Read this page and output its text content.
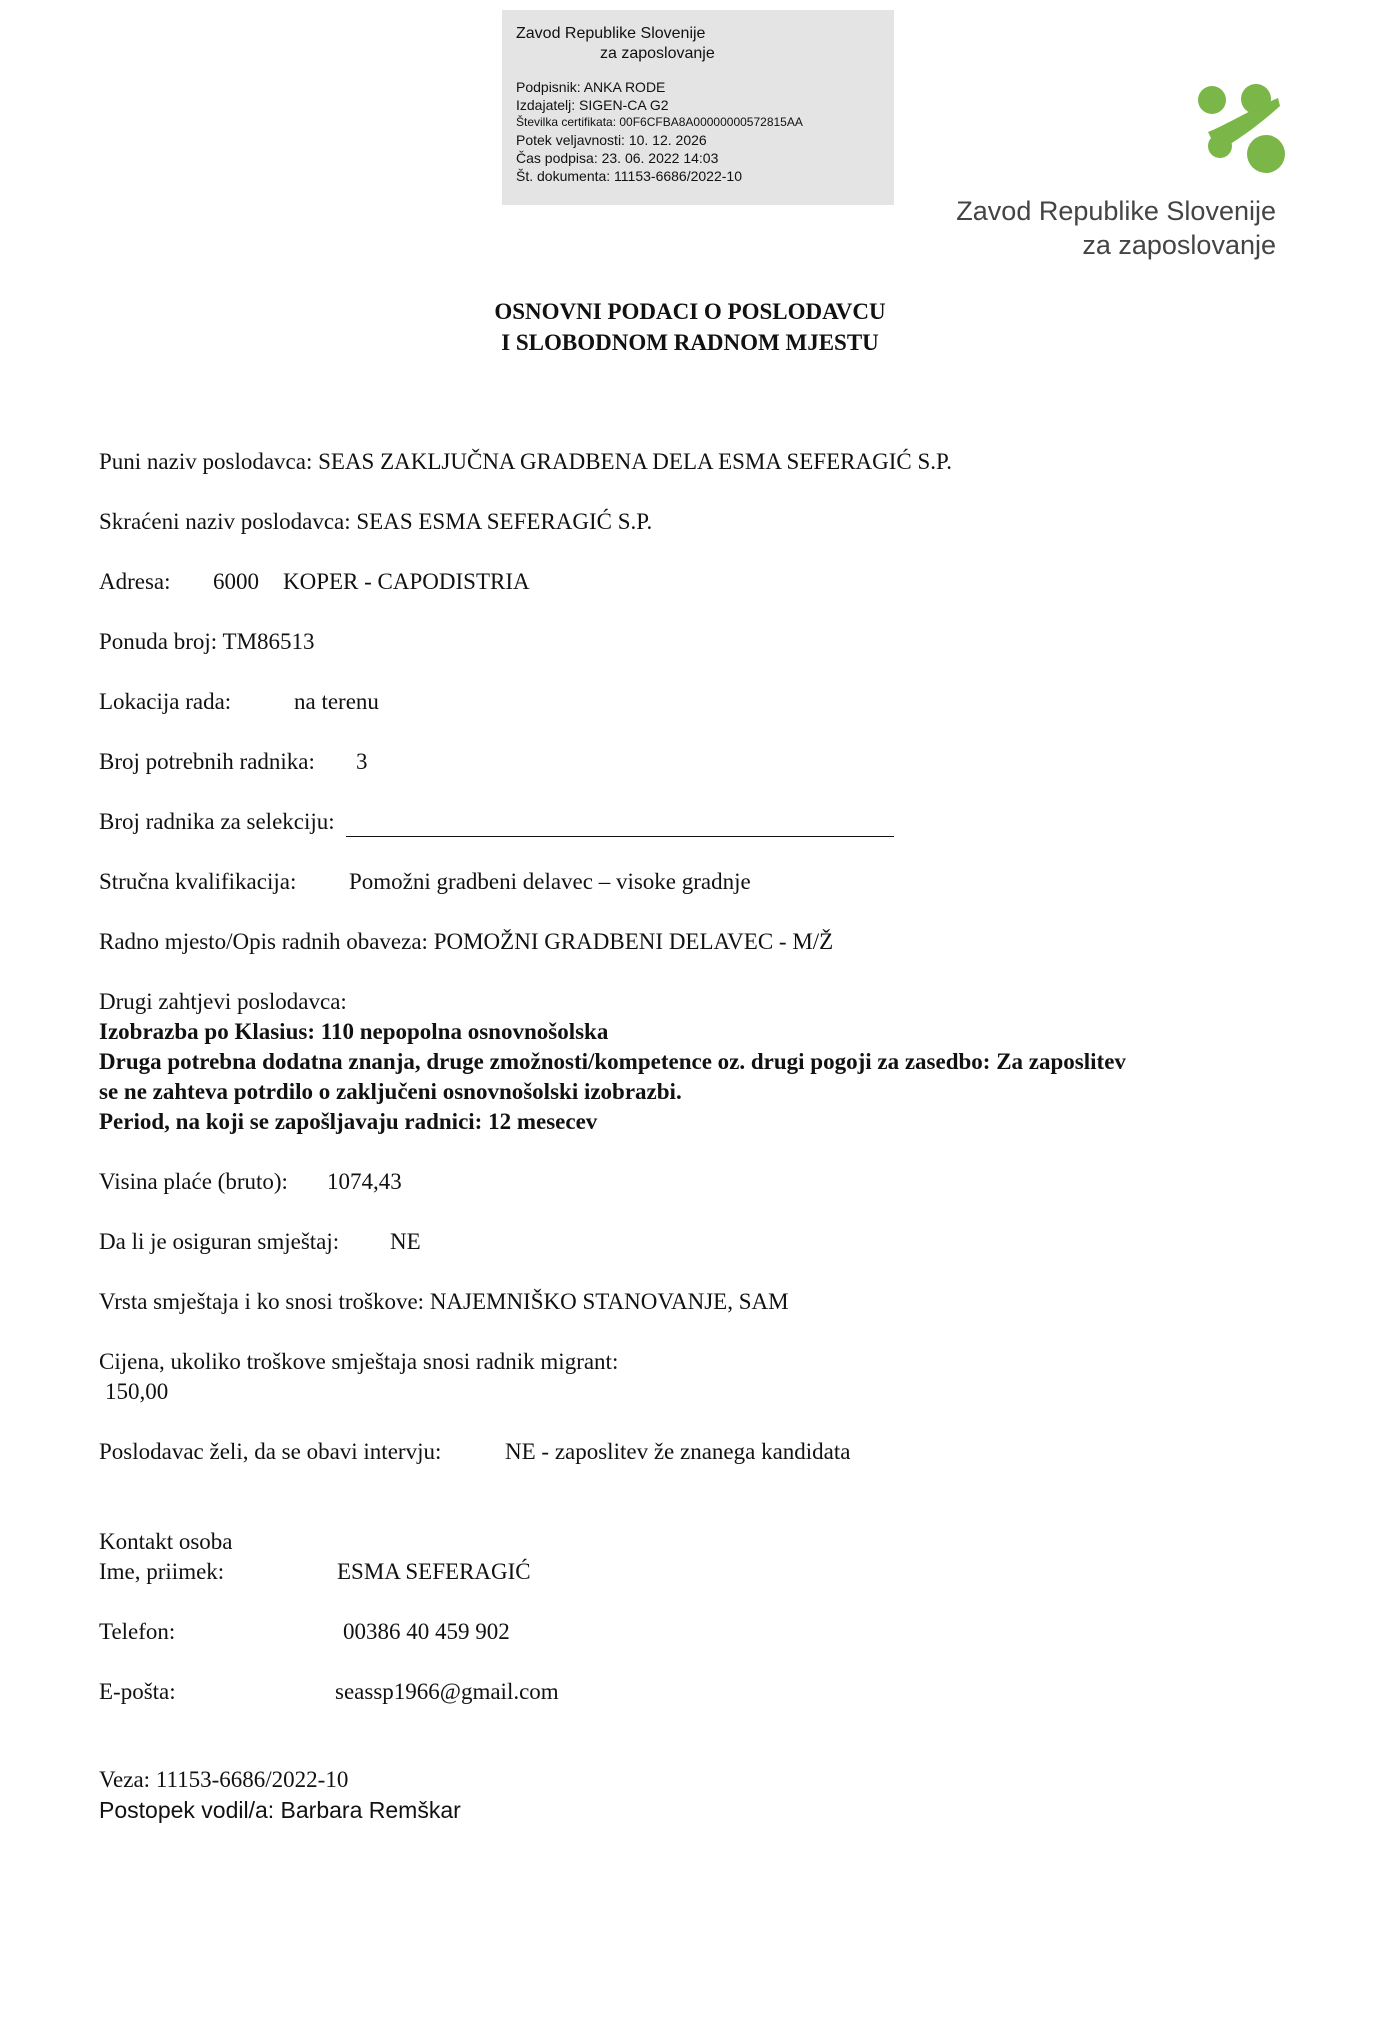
Zavod Republike Slovenije
za zaposlovanje
Podpisnik: ANKA RODE
Izdajatelj: SIGEN-CA G2
Številka certifikata: 00F6CFBA8A00000000572815AA
Potek veljavnosti: 10. 12. 2026
Čas podpisa: 23. 06. 2022 14:03
Št. dokumenta: 11153-6686/2022-10
Zavod Republike Slovenije
za zaposlovanje
OSNOVNI PODACI O POSLODAVCU
I SLOBODNOM RADNOM MJESTU
Puni naziv poslodavca: SEAS ZAKLJUČNA GRADBENA DELA ESMA SEFERAGIĆ S.P.
Skraćeni naziv poslodavca: SEAS ESMA SEFERAGIĆ S.P.
Adresa: 6000 KOPER - CAPODISTRIA
Ponuda broj: TM86513
Lokacija rada:	na terenu
Broj potrebnih radnika: 3
Broj radnika za selekciju:
Stručna kvalifikacija: Pomožni gradbeni delavec – visoke gradnje
Radno mjesto/Opis radnih obaveza: POMOŽNI GRADBENI DELAVEC - M/Ž
Drugi zahtjevi poslodavca:
Izobrazba po Klasius: 110 nepopolna osnovnošolska
Druga potrebna dodatna znanja, druge zmožnosti/kompetence oz. drugi pogoji za zasedbo: Za zaposlitev
se ne zahteva potrdilo o zaključeni osnovnošolski izobrazbi.
Period, na koji se zapošljavaju radnici: 12 mesecev
Visina plaće (bruto): 1074,43
Da li je osiguran smještaj: NE
Vrsta smještaja i ko snosi troškove: NAJEMNIŠKO STANOVANJE, SAM
Cijena, ukoliko troškove smještaja snosi radnik migrant:
150,00
Poslodavac želi, da se obavi intervju:	NE - zaposlitev že znanega kandidata
Kontakt osoba
Ime, priimek:	ESMA SEFERAGIĆ
Telefon:	00386 40 459 902
E-pošta:	seassp1966@gmail.com
Veza: 11153-6686/2022-10
Postopek vodil/a: Barbara Remškar
